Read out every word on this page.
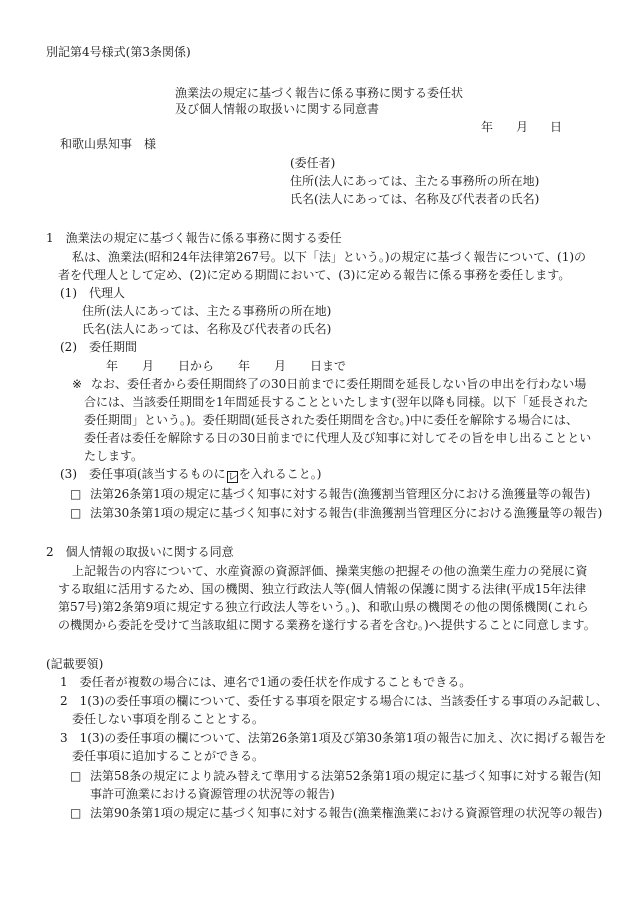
別記第4号様式(第3条関係)
漁業法の規定に基づく報告に係る事務に関する委任状
及び個人情報の取扱いに関する同意書
年 月 日
和歌山県知事　様
(委任者)
住所(法人にあっては、主たる事務所の所在地)
氏名(法人にあっては、名称及び代表者の氏名)
1　漁業法の規定に基づく報告に係る事務に関する委任
私は、漁業法(昭和24年法律第267号。以下「法」という。)の規定に基づく報告について、(1)の
者を代理人として定め、(2)に定める期間において、(3)に定める報告に係る事務を委任します。
(1)　代理人
住所(法人にあっては、主たる事務所の所在地)
氏名(法人にあっては、名称及び代表者の氏名)
(2)　委任期間
年　　月　　日から　　年　　月　　日まで
※ なお、委任者から委任期間終了の30日前までに委任期間を延長しない旨の申出を行わない場
合には、当該委任期間を1年間延長することといたします(翌年以降も同様。以下「延長された
委任期間」という。)。委任期間(延長された委任期間を含む。)中に委任を解除する場合には、
委任者は委任を解除する日の30日前までに代理人及び知事に対してその旨を申し出ることとい
たします。
(3)　委任事項(該当するものに レを入れること。)
□ 法第26条第1項の規定に基づく知事に対する報告(漁獲割当管理区分における漁獲量等の報告)
□ 法第30条第1項の規定に基づく知事に対する報告(非漁獲割当管理区分における漁獲量等の報告)
2　個人情報の取扱いに関する同意
上記報告の内容について、水産資源の資源評価、操業実態の把握その他の漁業生産力の発展に資
する取組に活用するため、国の機関、独立行政法人等(個人情報の保護に関する法律(平成15年法律
第57号)第2条第9項に規定する独立行政法人等をいう。)、和歌山県の機関その他の関係機関(これら
の機関から委託を受けて当該取組に関する業務を遂行する者を含む。)へ提供することに同意します。
(記載要領)
1　委任者が複数の場合には、連名で1通の委任状を作成することもできる。
2　1(3)の委任事項の欄について、委任する事項を限定する場合には、当該委任する事項のみ記載し、
委任しない事項を削ることとする。
3　1(3)の委任事項の欄について、法第26条第1項及び第30条第1項の報告に加え、次に掲げる報告を
委任事項に追加することができる。
□ 法第58条の規定により読み替えて準用する法第52条第1項の規定に基づく知事に対する報告(知
事許可漁業における資源管理の状況等の報告)
□ 法第90条第1項の規定に基づく知事に対する報告(漁業権漁業における資源管理の状況等の報告)
